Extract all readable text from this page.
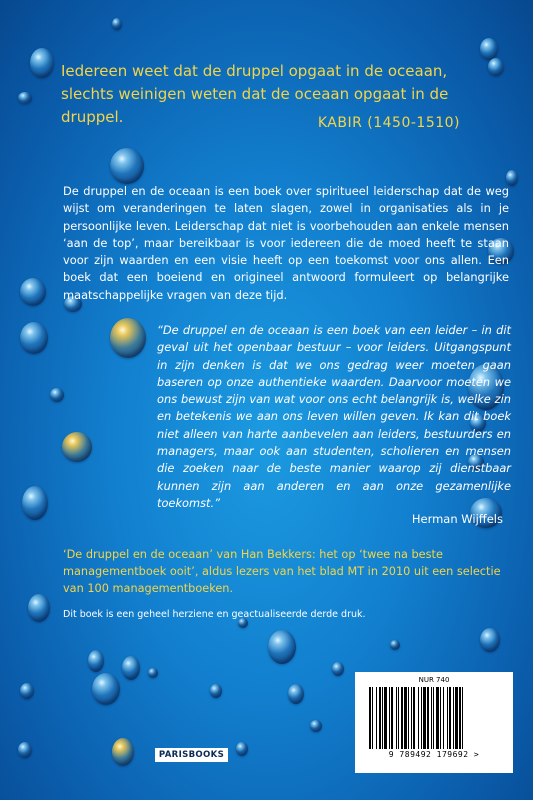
Iedereen weet dat de druppel opgaat in de oceaan, slechts weinigen weten dat de oceaan opgaat in de druppel.	KABIR (1450-1510)

De druppel en de oceaan is een boek over spiritueel leiderschap dat de weg wijst om veranderingen te laten slagen, zowel in organisaties als in je persoonlijke leven. Leiderschap dat niet is voorbehouden aan enkele mensen ‘aan de top’, maar bereikbaar is voor iedereen die de moed heeft te staan voor zijn waarden en een visie heeft op een toekomst voor ons allen. Een boek dat een boeiend en origineel antwoord formuleert op belangrijke maatschappelijke vragen van deze tijd.

“De druppel en de oceaan is een boek van een leider – in dit geval uit het openbaar bestuur – voor leiders. Uitgangspunt in zijn denken is dat we ons gedrag weer moeten gaan baseren op onze authentieke waarden. Daarvoor moeten we ons bewust zijn van wat voor ons echt belangrijk is, welke zin en betekenis we aan ons leven willen geven. Ik kan dit boek niet alleen van harte aanbevelen aan leiders, bestuurders en managers, maar ook aan studenten, scholieren en mensen die zoeken naar de beste manier waarop zij dienstbaar kunnen zijn aan anderen en aan onze gezamenlijke toekomst.”

Herman Wijffels

‘De druppel en de oceaan’ van Han Bekkers: het op ‘twee na beste managementboek ooit’, aldus lezers van het blad MT in 2010 uit een selectie van 100 managementboeken.

Dit boek is een geheel herziene en geactualiseerde derde druk.

PARISBOOKS

NUR 740

9 789492 179692 >
